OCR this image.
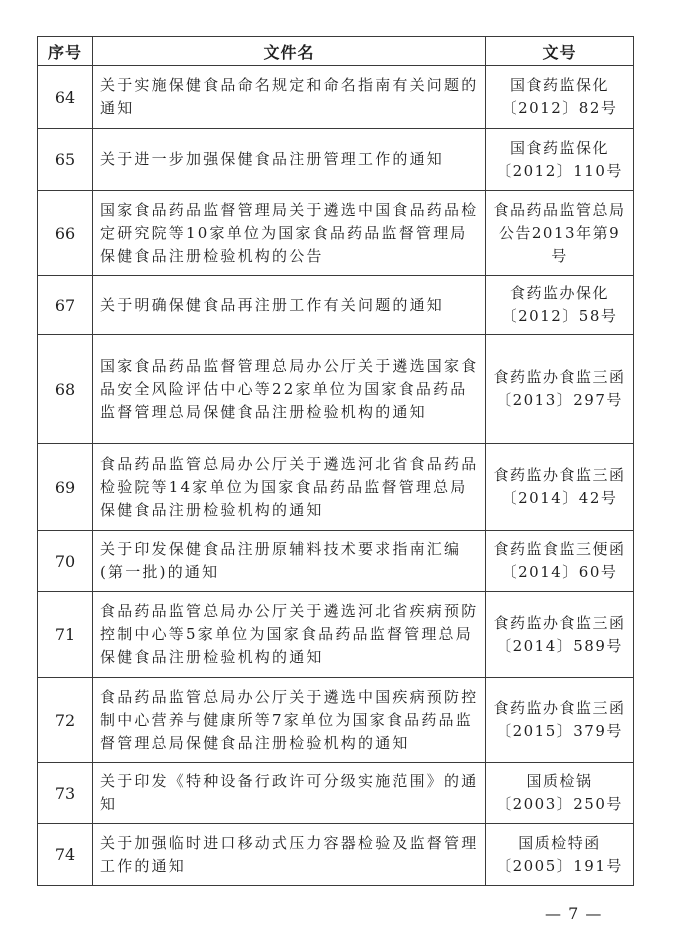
序号	文件名	文号
64	关于实施保健食品命名规定和命名指南有关问题的通知	国食药监保化〔2012〕82号
65	关于进一步加强保健食品注册管理工作的通知	国食药监保化〔2012〕110号
66	国家食品药品监督管理局关于遴选中国食品药品检定研究院等10家单位为国家食品药品监督管理局保健食品注册检验机构的公告	食品药品监管总局公告2013年第9号
67	关于明确保健食品再注册工作有关问题的通知	食药监办保化〔2012〕58号
68	国家食品药品监督管理总局办公厅关于遴选国家食品安全风险评估中心等22家单位为国家食品药品监督管理总局保健食品注册检验机构的通知	食药监办食监三函〔2013〕297号
69	食品药品监管总局办公厅关于遴选河北省食品药品检验院等14家单位为国家食品药品监督管理总局保健食品注册检验机构的通知	食药监办食监三函〔2014〕42号
70	关于印发保健食品注册原辅料技术要求指南汇编(第一批)的通知	食药监食监三便函〔2014〕60号
71	食品药品监管总局办公厅关于遴选河北省疾病预防控制中心等5家单位为国家食品药品监督管理总局保健食品注册检验机构的通知	食药监办食监三函〔2014〕589号
72	食品药品监管总局办公厅关于遴选中国疾病预防控制中心营养与健康所等7家单位为国家食品药品监督管理总局保健食品注册检验机构的通知	食药监办食监三函〔2015〕379号
73	关于印发《特种设备行政许可分级实施范围》的通知	国质检锅〔2003〕250号
74	关于加强临时进口移动式压力容器检验及监督管理工作的通知	国质检特函〔2005〕191号
— 7 —
